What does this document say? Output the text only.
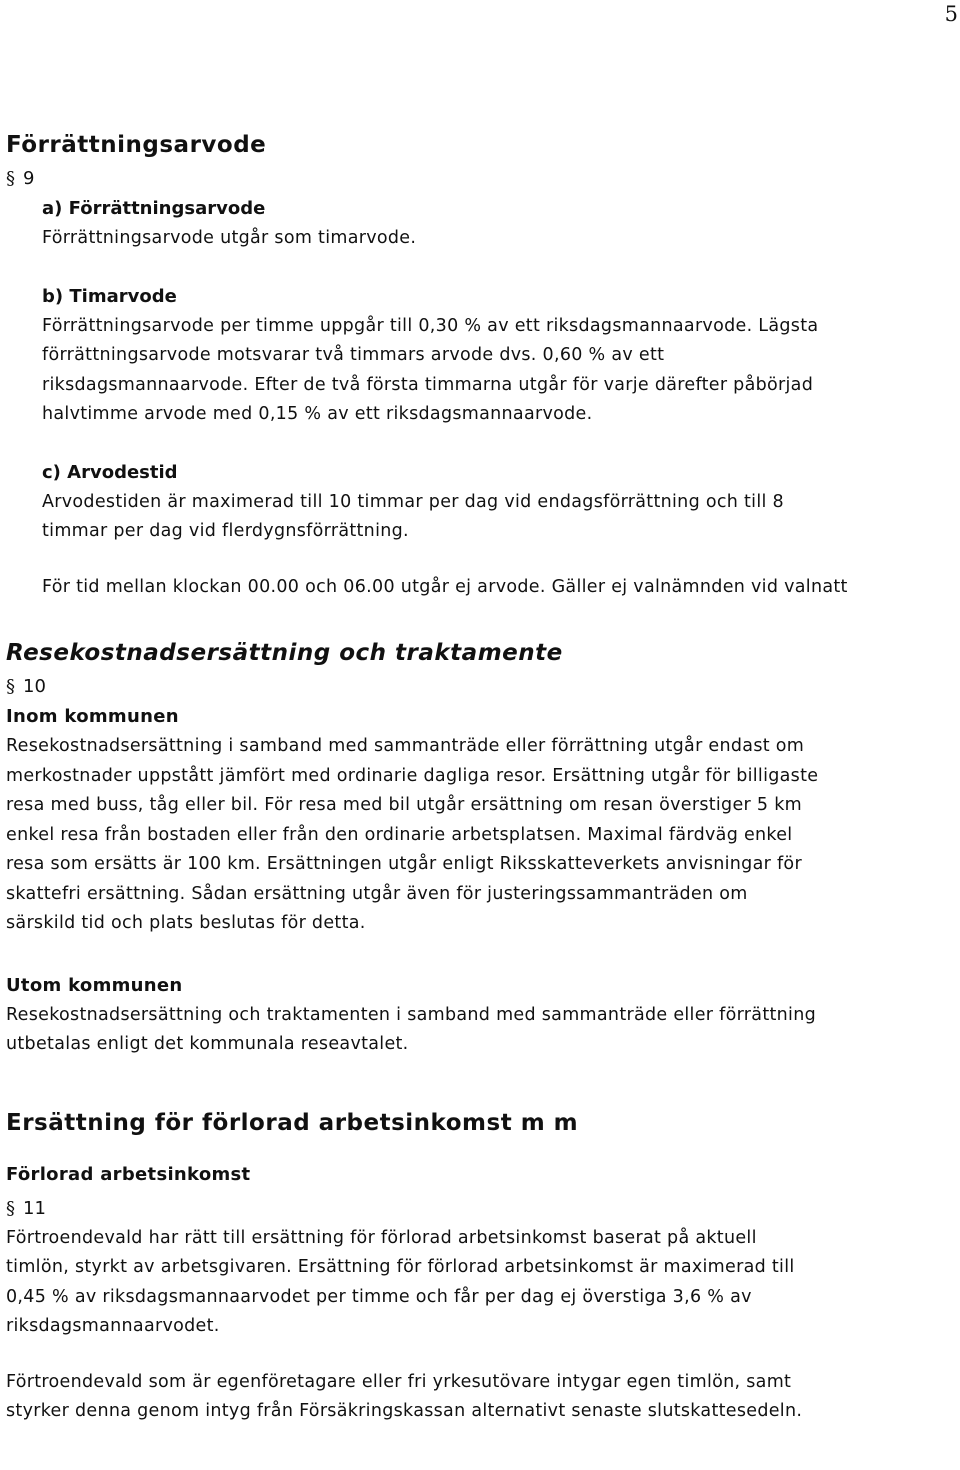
5
Förrättningsarvode
§ 9
a) Förrättningsarvode
Förrättningsarvode utgår som timarvode.
b) Timarvode
Förrättningsarvode per timme uppgår till 0,30 % av ett riksdagsmannaarvode. Lägsta
förrättningsarvode motsvarar två timmars arvode dvs. 0,60 % av ett
riksdagsmannaarvode. Efter de två första timmarna utgår för varje därefter påbörjad
halvtimme arvode med 0,15 % av ett riksdagsmannaarvode.
c) Arvodestid
Arvodestiden är maximerad till 10 timmar per dag vid endagsförrättning och till 8
timmar per dag vid flerdygnsförrättning.
För tid mellan klockan 00.00 och 06.00 utgår ej arvode. Gäller ej valnämnden vid valnatt
Resekostnadsersättning och traktamente
§ 10
Inom kommunen
Resekostnadsersättning i samband med sammanträde eller förrättning utgår endast om
merkostnader uppstått jämfört med ordinarie dagliga resor. Ersättning utgår för billigaste
resa med buss, tåg eller bil. För resa med bil utgår ersättning om resan överstiger 5 km
enkel resa från bostaden eller från den ordinarie arbetsplatsen. Maximal färdväg enkel
resa som ersätts är 100 km. Ersättningen utgår enligt Riksskatteverkets anvisningar för
skattefri ersättning. Sådan ersättning utgår även för justeringssammanträden om
särskild tid och plats beslutas för detta.
Utom kommunen
Resekostnadsersättning och traktamenten i samband med sammanträde eller förrättning
utbetalas enligt det kommunala reseavtalet.
Ersättning för förlorad arbetsinkomst m m
Förlorad arbetsinkomst
§ 11
Förtroendevald har rätt till ersättning för förlorad arbetsinkomst baserat på aktuell
timlön, styrkt av arbetsgivaren. Ersättning för förlorad arbetsinkomst är maximerad till
0,45 % av riksdagsmannaarvodet per timme och får per dag ej överstiga 3,6 % av
riksdagsmannaarvodet.
Förtroendevald som är egenföretagare eller fri yrkesutövare intygar egen timlön, samt
styrker denna genom intyg från Försäkringskassan alternativt senaste slutskattesedeln.
